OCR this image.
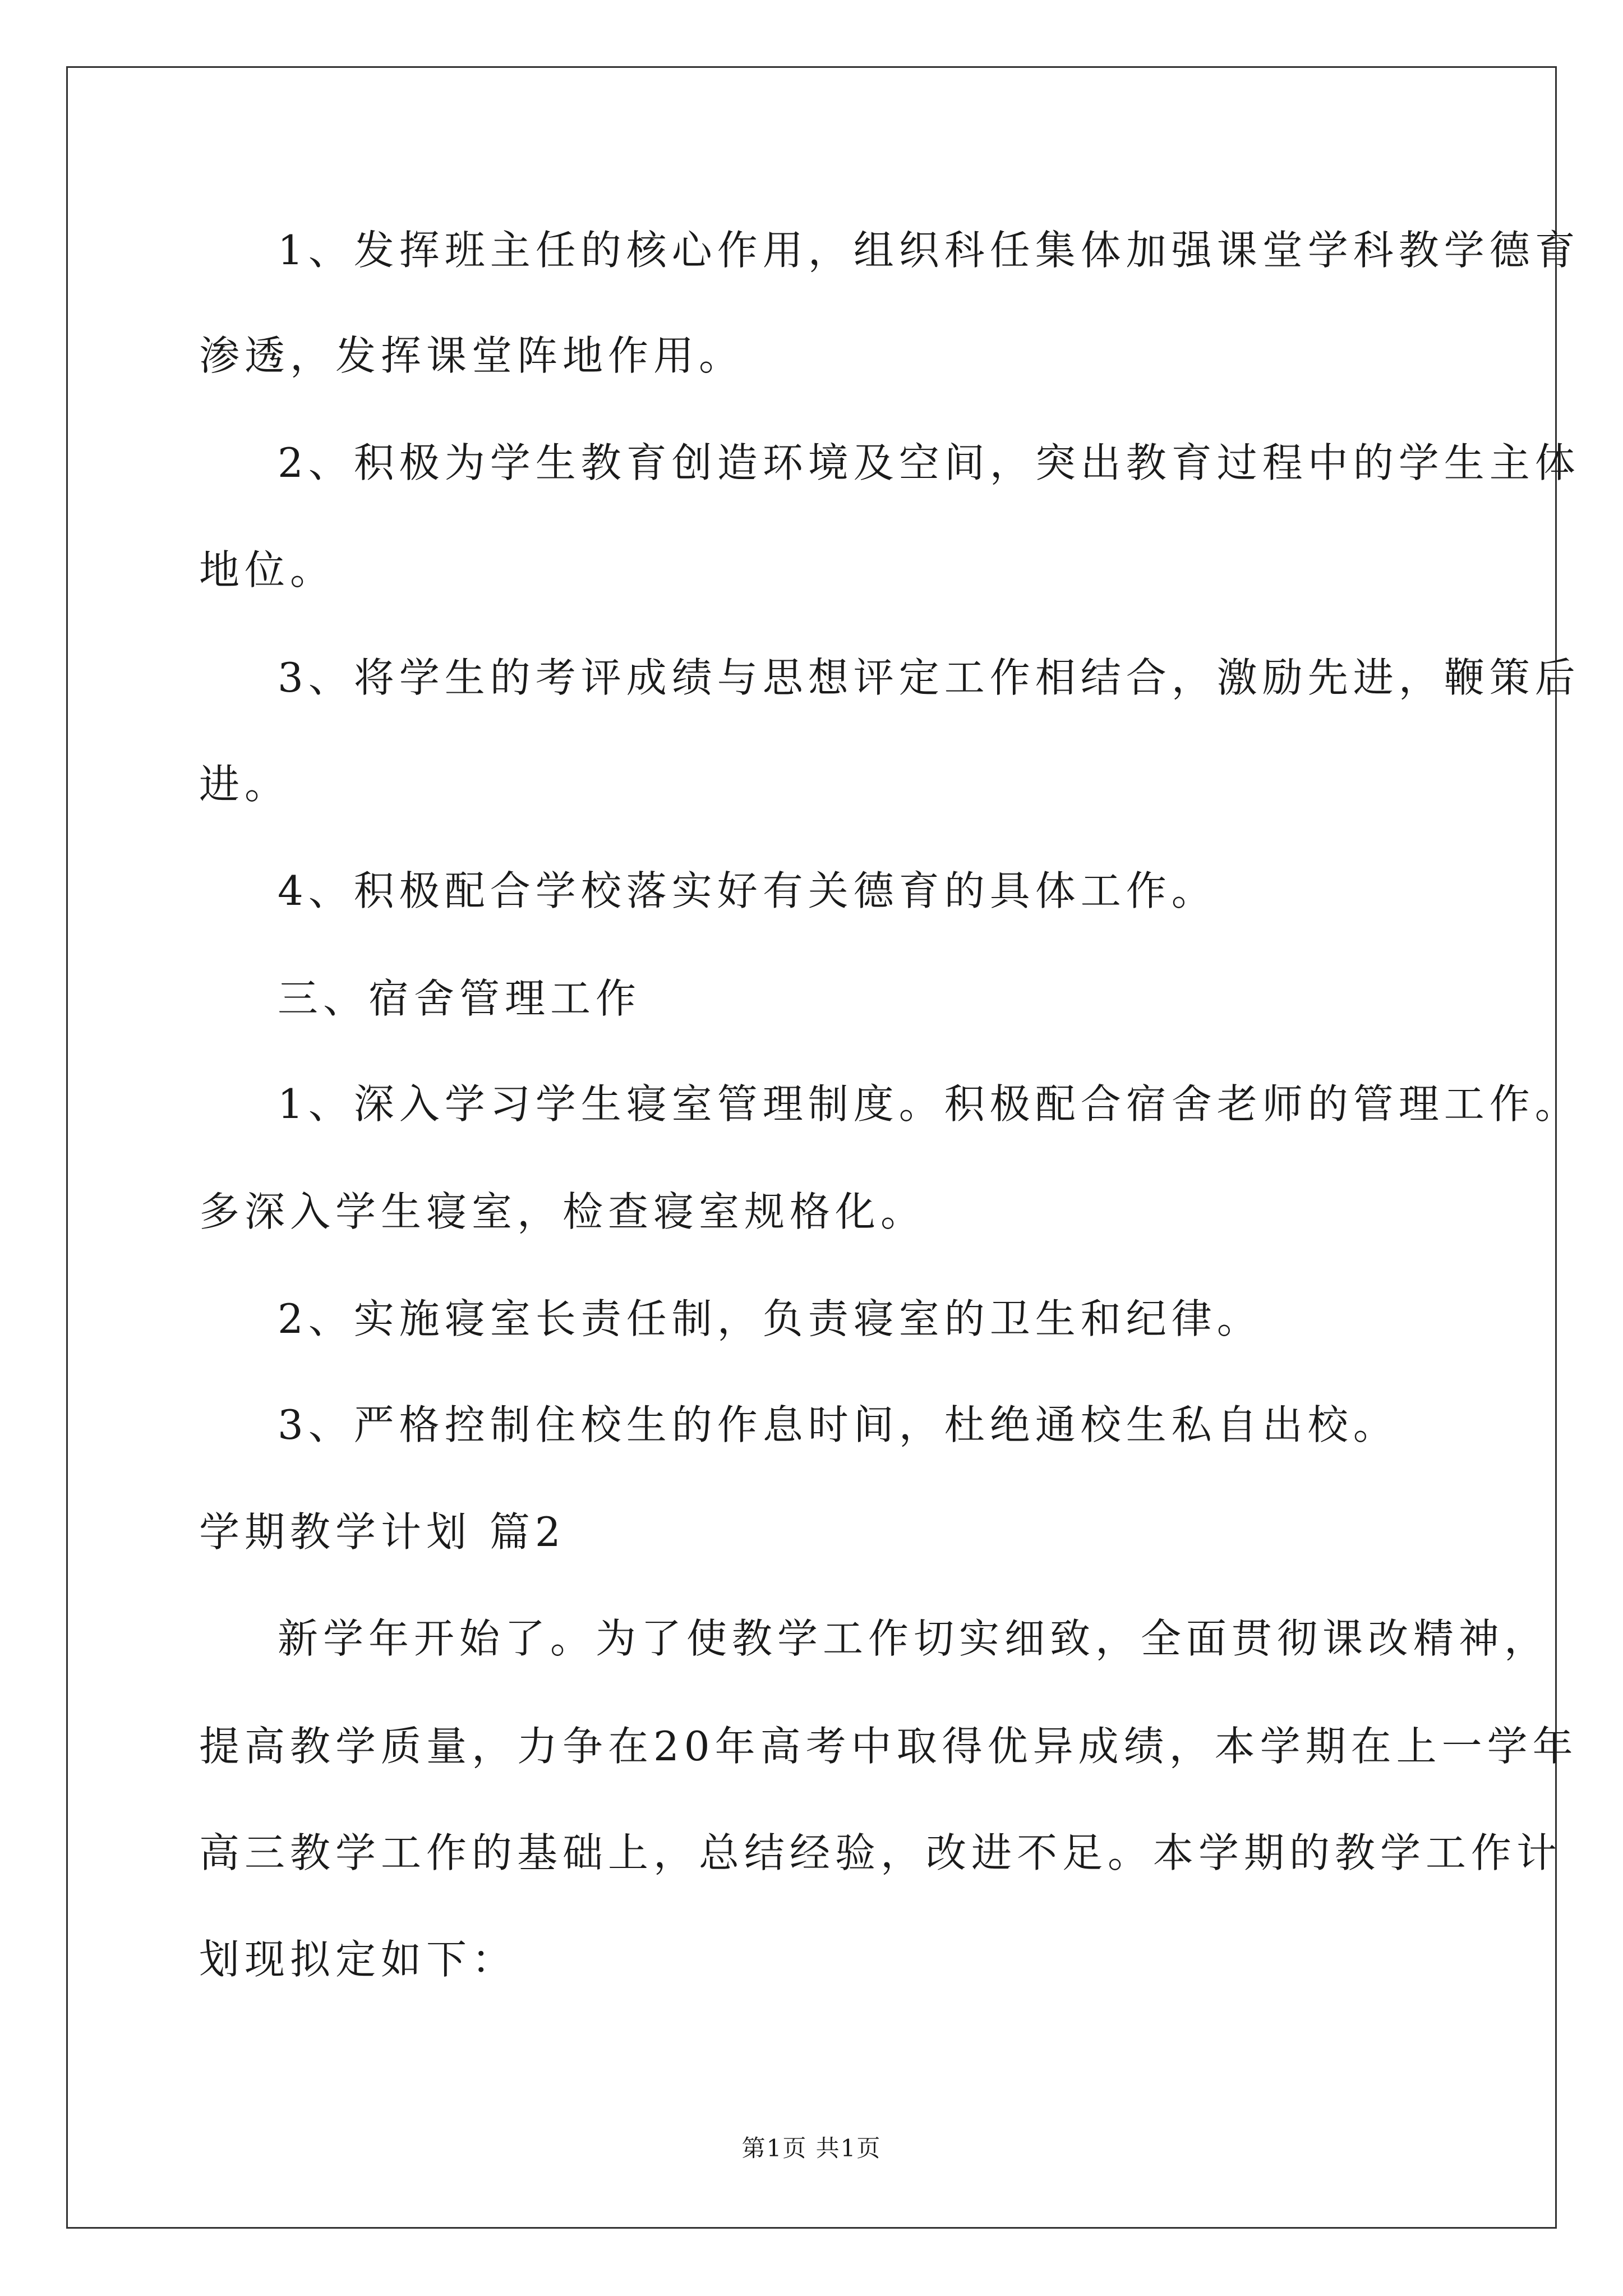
1、发挥班主任的核心作用，组织科任集体加强课堂学科教学德育
渗透，发挥课堂阵地作用。
2、积极为学生教育创造环境及空间，突出教育过程中的学生主体
地位。
3、将学生的考评成绩与思想评定工作相结合，激励先进，鞭策后
进。
4、积极配合学校落实好有关德育的具体工作。
三、宿舍管理工作
1、深入学习学生寝室管理制度。积极配合宿舍老师的管理工作。
多深入学生寝室，检查寝室规格化。
2、实施寝室长责任制，负责寝室的卫生和纪律。
3、严格控制住校生的作息时间，杜绝通校生私自出校。
学期教学计划 篇2
新学年开始了。为了使教学工作切实细致，全面贯彻课改精神，
提高教学质量，力争在20年高考中取得优异成绩，本学期在上一学年
高三教学工作的基础上，总结经验，改进不足。本学期的教学工作计
划现拟定如下：
第1页 共1页
